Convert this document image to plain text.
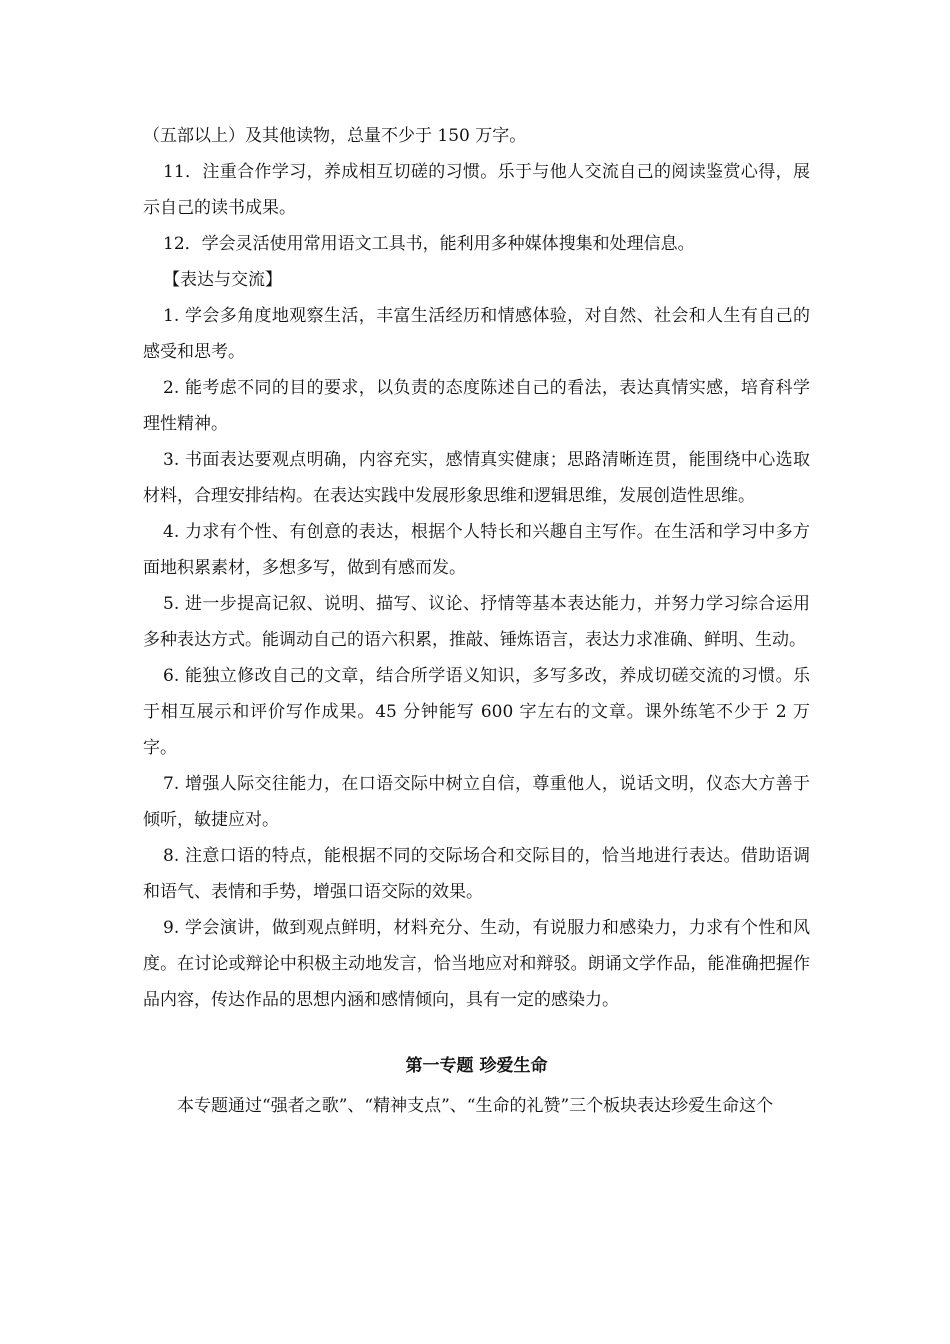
（五部以上）及其他读物，总量不少于 150 万字。

11．注重合作学习，养成相互切磋的习惯。乐于与他人交流自己的阅读鉴赏心得，展示自己的读书成果。

12．学会灵活使用常用语文工具书，能利用多种媒体搜集和处理信息。

【表达与交流】

1. 学会多角度地观察生活，丰富生活经历和情感体验，对自然、社会和人生有自己的感受和思考。

2. 能考虑不同的目的要求，以负责的态度陈述自己的看法，表达真情实感，培育科学理性精神。

3. 书面表达要观点明确，内容充实，感情真实健康；思路清晰连贯，能围绕中心选取材料，合理安排结构。在表达实践中发展形象思维和逻辑思维，发展创造性思维。

4. 力求有个性、有创意的表达，根据个人特长和兴趣自主写作。在生活和学习中多方面地积累素材，多想多写，做到有感而发。

5. 进一步提高记叙、说明、描写、议论、抒情等基本表达能力，并努力学习综合运用多种表达方式。能调动自己的语六积累，推敲、锤炼语言，表达力求准确、鲜明、生动。

6. 能独立修改自己的文章，结合所学语义知识，多写多改，养成切磋交流的习惯。乐于相互展示和评价写作成果。45 分钟能写 600 字左右的文章。课外练笔不少于 2 万字。

7. 增强人际交往能力，在口语交际中树立自信，尊重他人，说话文明，仪态大方善于倾听，敏捷应对。

8. 注意口语的特点，能根据不同的交际场合和交际目的，恰当地进行表达。借助语调和语气、表情和手势，增强口语交际的效果。

9. 学会演讲，做到观点鲜明，材料充分、生动，有说服力和感染力，力求有个性和风度。在讨论或辩论中积极主动地发言，恰当地应对和辩驳。朗诵文学作品，能准确把握作品内容，传达作品的思想内涵和感情倾向，具有一定的感染力。

第一专题 珍爱生命

本专题通过“强者之歌”、“精神支点”、“生命的礼赞”三个板块表达珍爱生命这个
